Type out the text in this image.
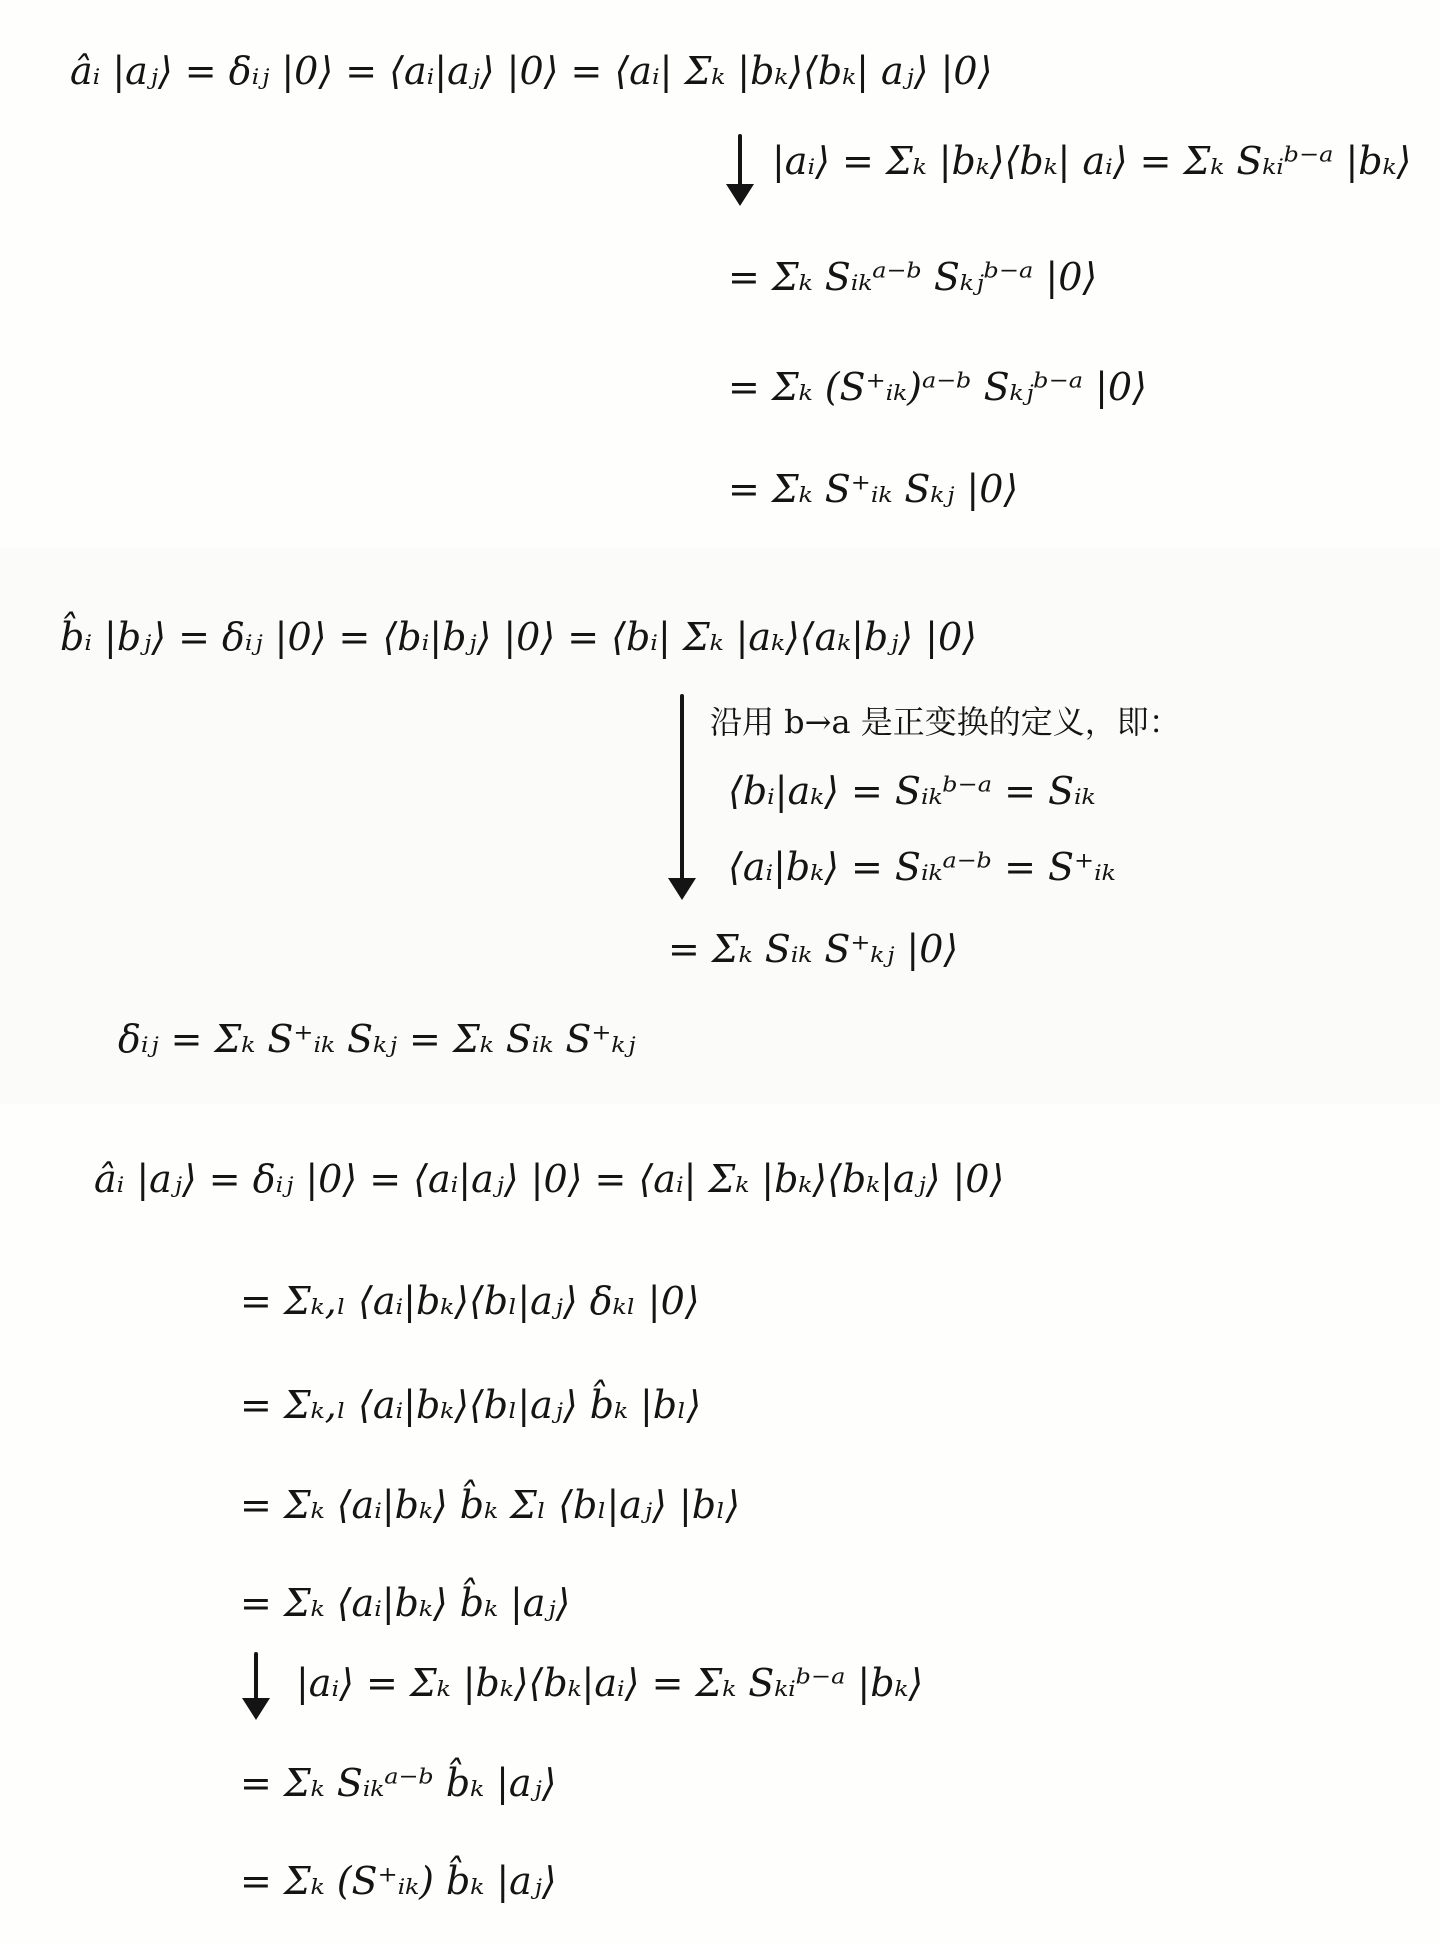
âᵢ |aⱼ⟩ = δᵢⱼ |0⟩ = ⟨aᵢ|aⱼ⟩ |0⟩ = ⟨aᵢ| Σₖ |bₖ⟩⟨bₖ| aⱼ⟩ |0⟩
|aᵢ⟩ = Σₖ |bₖ⟩⟨bₖ| aᵢ⟩ = Σₖ Sₖᵢᵇ⁻ᵃ |bₖ⟩
= Σₖ Sᵢₖᵃ⁻ᵇ Sₖⱼᵇ⁻ᵃ |0⟩
= Σₖ (S⁺ᵢₖ)ᵃ⁻ᵇ Sₖⱼᵇ⁻ᵃ |0⟩
= Σₖ S⁺ᵢₖ Sₖⱼ |0⟩
b̂ᵢ |bⱼ⟩ = δᵢⱼ |0⟩ = ⟨bᵢ|bⱼ⟩ |0⟩ = ⟨bᵢ| Σₖ |aₖ⟩⟨aₖ|bⱼ⟩ |0⟩
沿用 b→a 是正变换的定义，即：
⟨bᵢ|aₖ⟩ = Sᵢₖᵇ⁻ᵃ = Sᵢₖ
⟨aᵢ|bₖ⟩ = Sᵢₖᵃ⁻ᵇ = S⁺ᵢₖ
= Σₖ Sᵢₖ S⁺ₖⱼ |0⟩
δᵢⱼ = Σₖ S⁺ᵢₖ Sₖⱼ = Σₖ Sᵢₖ S⁺ₖⱼ
âᵢ |aⱼ⟩ = δᵢⱼ |0⟩ = ⟨aᵢ|aⱼ⟩ |0⟩ = ⟨aᵢ| Σₖ |bₖ⟩⟨bₖ|aⱼ⟩ |0⟩
= Σₖ,ₗ ⟨aᵢ|bₖ⟩⟨bₗ|aⱼ⟩ δₖₗ |0⟩
= Σₖ,ₗ ⟨aᵢ|bₖ⟩⟨bₗ|aⱼ⟩ b̂ₖ |bₗ⟩
= Σₖ ⟨aᵢ|bₖ⟩ b̂ₖ Σₗ ⟨bₗ|aⱼ⟩ |bₗ⟩
= Σₖ ⟨aᵢ|bₖ⟩ b̂ₖ |aⱼ⟩
|aᵢ⟩ = Σₖ |bₖ⟩⟨bₖ|aᵢ⟩ = Σₖ Sₖᵢᵇ⁻ᵃ |bₖ⟩
= Σₖ Sᵢₖᵃ⁻ᵇ b̂ₖ |aⱼ⟩
= Σₖ (S⁺ᵢₖ) b̂ₖ |aⱼ⟩
